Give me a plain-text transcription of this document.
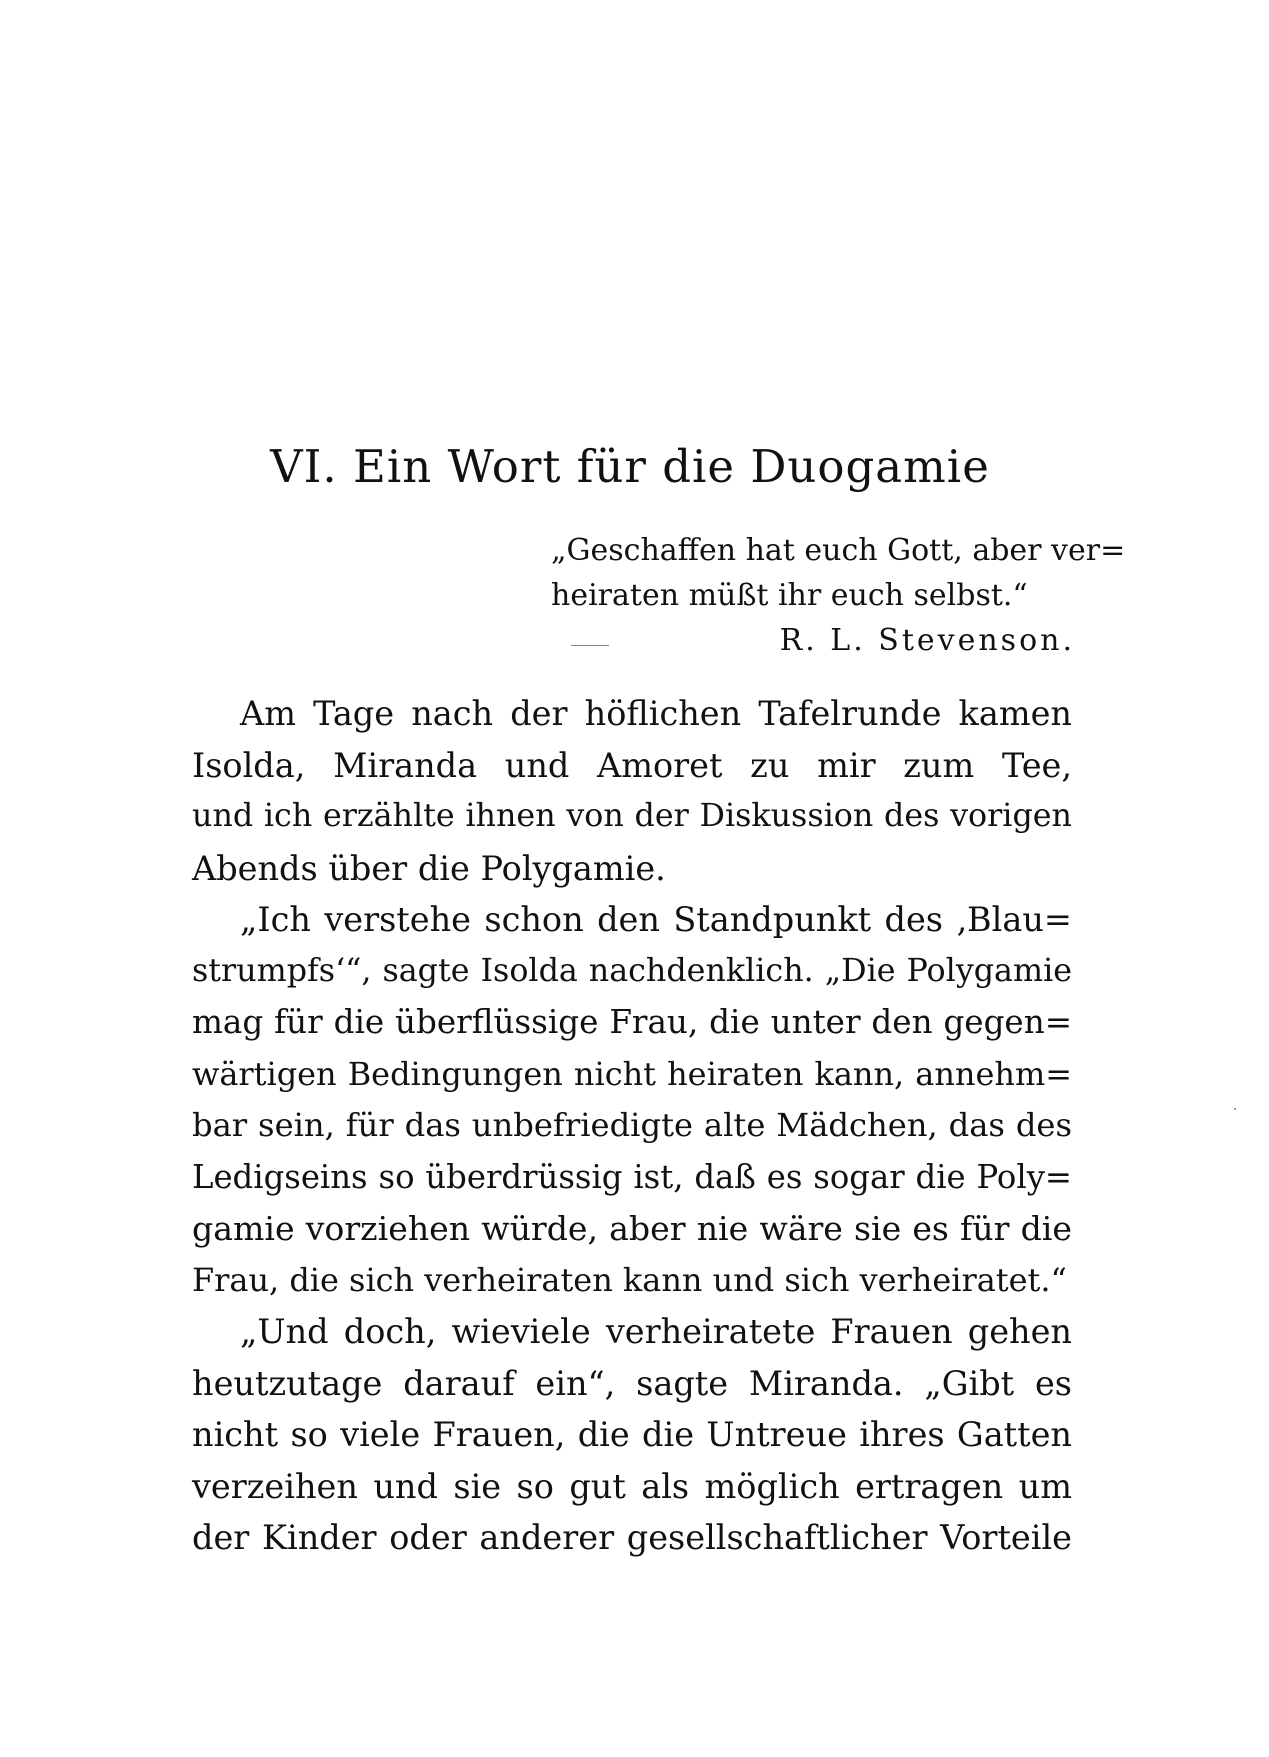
VI. Ein Wort für die Duogamie
„Geschaffen hat euch Gott, aber ver=
heiraten müßt ihr euch selbst.“
R. L. Stevenson.

Am Tage nach der höflichen Tafelrunde kamen
Isolda, Miranda und Amoret zu mir zum Tee,
und ich erzählte ihnen von der Diskussion des vorigen
Abends über die Polygamie.

„Ich verstehe schon den Standpunkt des ‚Blau=
strumpfs‘“, sagte Isolda nachdenklich. „Die Polygamie
mag für die überflüssige Frau, die unter den gegen=
wärtigen Bedingungen nicht heiraten kann, annehm=
bar sein, für das unbefriedigte alte Mädchen, das des
Ledigseins so überdrüssig ist, daß es sogar die Poly=
gamie vorziehen würde, aber nie wäre sie es für die
Frau, die sich verheiraten kann und sich verheiratet.“

„Und doch, wieviele verheiratete Frauen gehen
heutzutage darauf ein“, sagte Miranda. „Gibt es
nicht so viele Frauen, die die Untreue ihres Gatten
verzeihen und sie so gut als möglich ertragen um
der Kinder oder anderer gesellschaftlicher Vorteile
